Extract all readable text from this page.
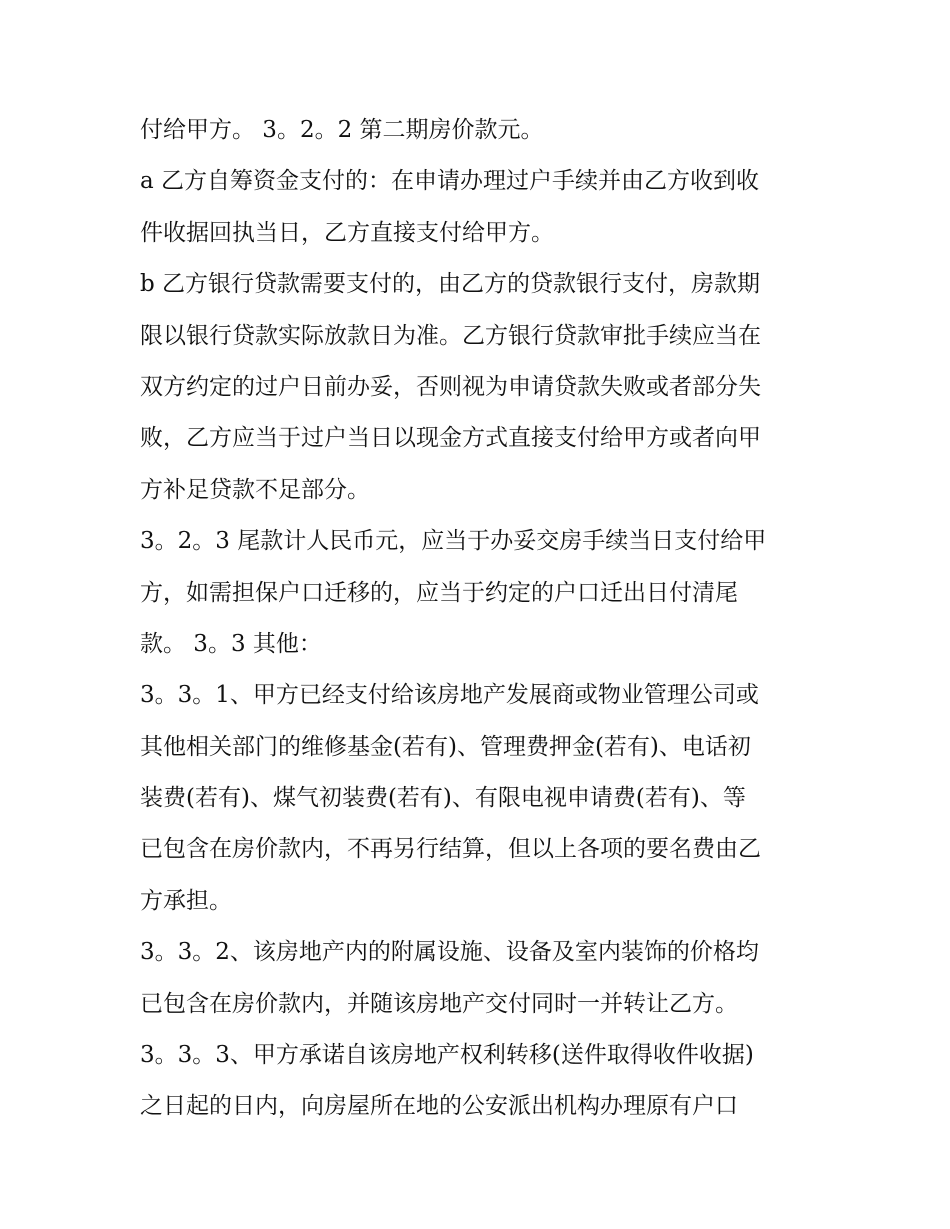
付给甲方。 3。2。2 第二期房价款元。
a 乙方自筹资金支付的：在申请办理过户手续并由乙方收到收
件收据回执当日，乙方直接支付给甲方。
b 乙方银行贷款需要支付的，由乙方的贷款银行支付，房款期
限以银行贷款实际放款日为准。乙方银行贷款审批手续应当在
双方约定的过户日前办妥，否则视为申请贷款失败或者部分失
败，乙方应当于过户当日以现金方式直接支付给甲方或者向甲
方补足贷款不足部分。
3。2。3 尾款计人民币元，应当于办妥交房手续当日支付给甲
方，如需担保户口迁移的，应当于约定的户口迁出日付清尾
款。 3。3 其他：
3。3。1、甲方已经支付给该房地产发展商或物业管理公司或
其他相关部门的维修基金(若有)、管理费押金(若有)、电话初
装费(若有)、煤气初装费(若有)、有限电视申请费(若有)、等
已包含在房价款内，不再另行结算，但以上各项的要名费由乙
方承担。
3。3。2、该房地产内的附属设施、设备及室内装饰的价格均
已包含在房价款内，并随该房地产交付同时一并转让乙方。
3。3。3、甲方承诺自该房地产权利转移(送件取得收件收据)
之日起的日内，向房屋所在地的公安派出机构办理原有户口
